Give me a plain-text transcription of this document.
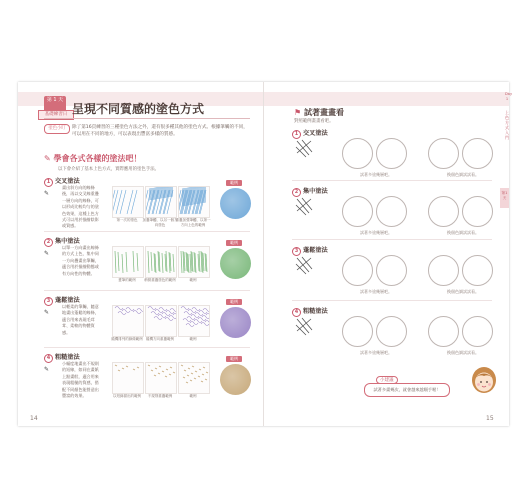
第 1 天
基礎練習日 呈現不同質感的塗色方式
塗色小叮	除了第16頁練習的三種塗色方法之外，還有很多種其他的塗色方式。根據筆觸的不同，可以用在不同的地方，可以表現出豐富多樣的質感。
✎ 學會各式各樣的塗法吧！
以下會介紹了基本上色方式，實際應用的塗色手法。
1 交叉塗法
畫出斜方向的線條後，再以交叉線重疊一層方向的線條，可以形成比較均勻的塗色效果，這種上色方式可以用於描繪陰影或質感。
✎
第一次的塗色	加疊筆觸，以另一個方向塗色
重疊加強筆觸，以第一方向上色的範例
範例
2 集中塗法
以單一方向畫出線條的方式上色，集中同一方向疊畫出筆觸，適合用於描繪動態或有方向性的物體。
✎
畫筆的範例	稍微重疊塗色的範例	範例
範例
3 蓬鬆塗法
以輕柔的筆觸，隨意地畫出蓬鬆的線條，適合用來表現毛茸茸、柔軟的物體質感。
✎
隨機排列的線條範例 隨機方向重疊範例	範例
範例
4 粗糙塗法
小幅度地畫出不規則的短線，如同在畫紙上點畫般，適合用來表現粗糙的質感，搭配不同顏色能營造出豐富的效果。
✎
以短線描出的範例	不規則重疊範例	範例
範例
14
⚑ 試著畫畫看
對照範例畫畫看吧。
1 交叉塗法
試著多塗幾層吧。	換個色調試試看。
2 集中塗法
試著多塗幾層吧。	換個色調試試看。
3 蓬鬆塗法
試著多塗幾層吧。	換個色調試試看。
4 粗糙塗法
試著多塗幾層吧。	換個色調試試看。
Day 1
上色方式入門
第1天
小建議
試著多畫幾次，就會越來越順手喔！
15
